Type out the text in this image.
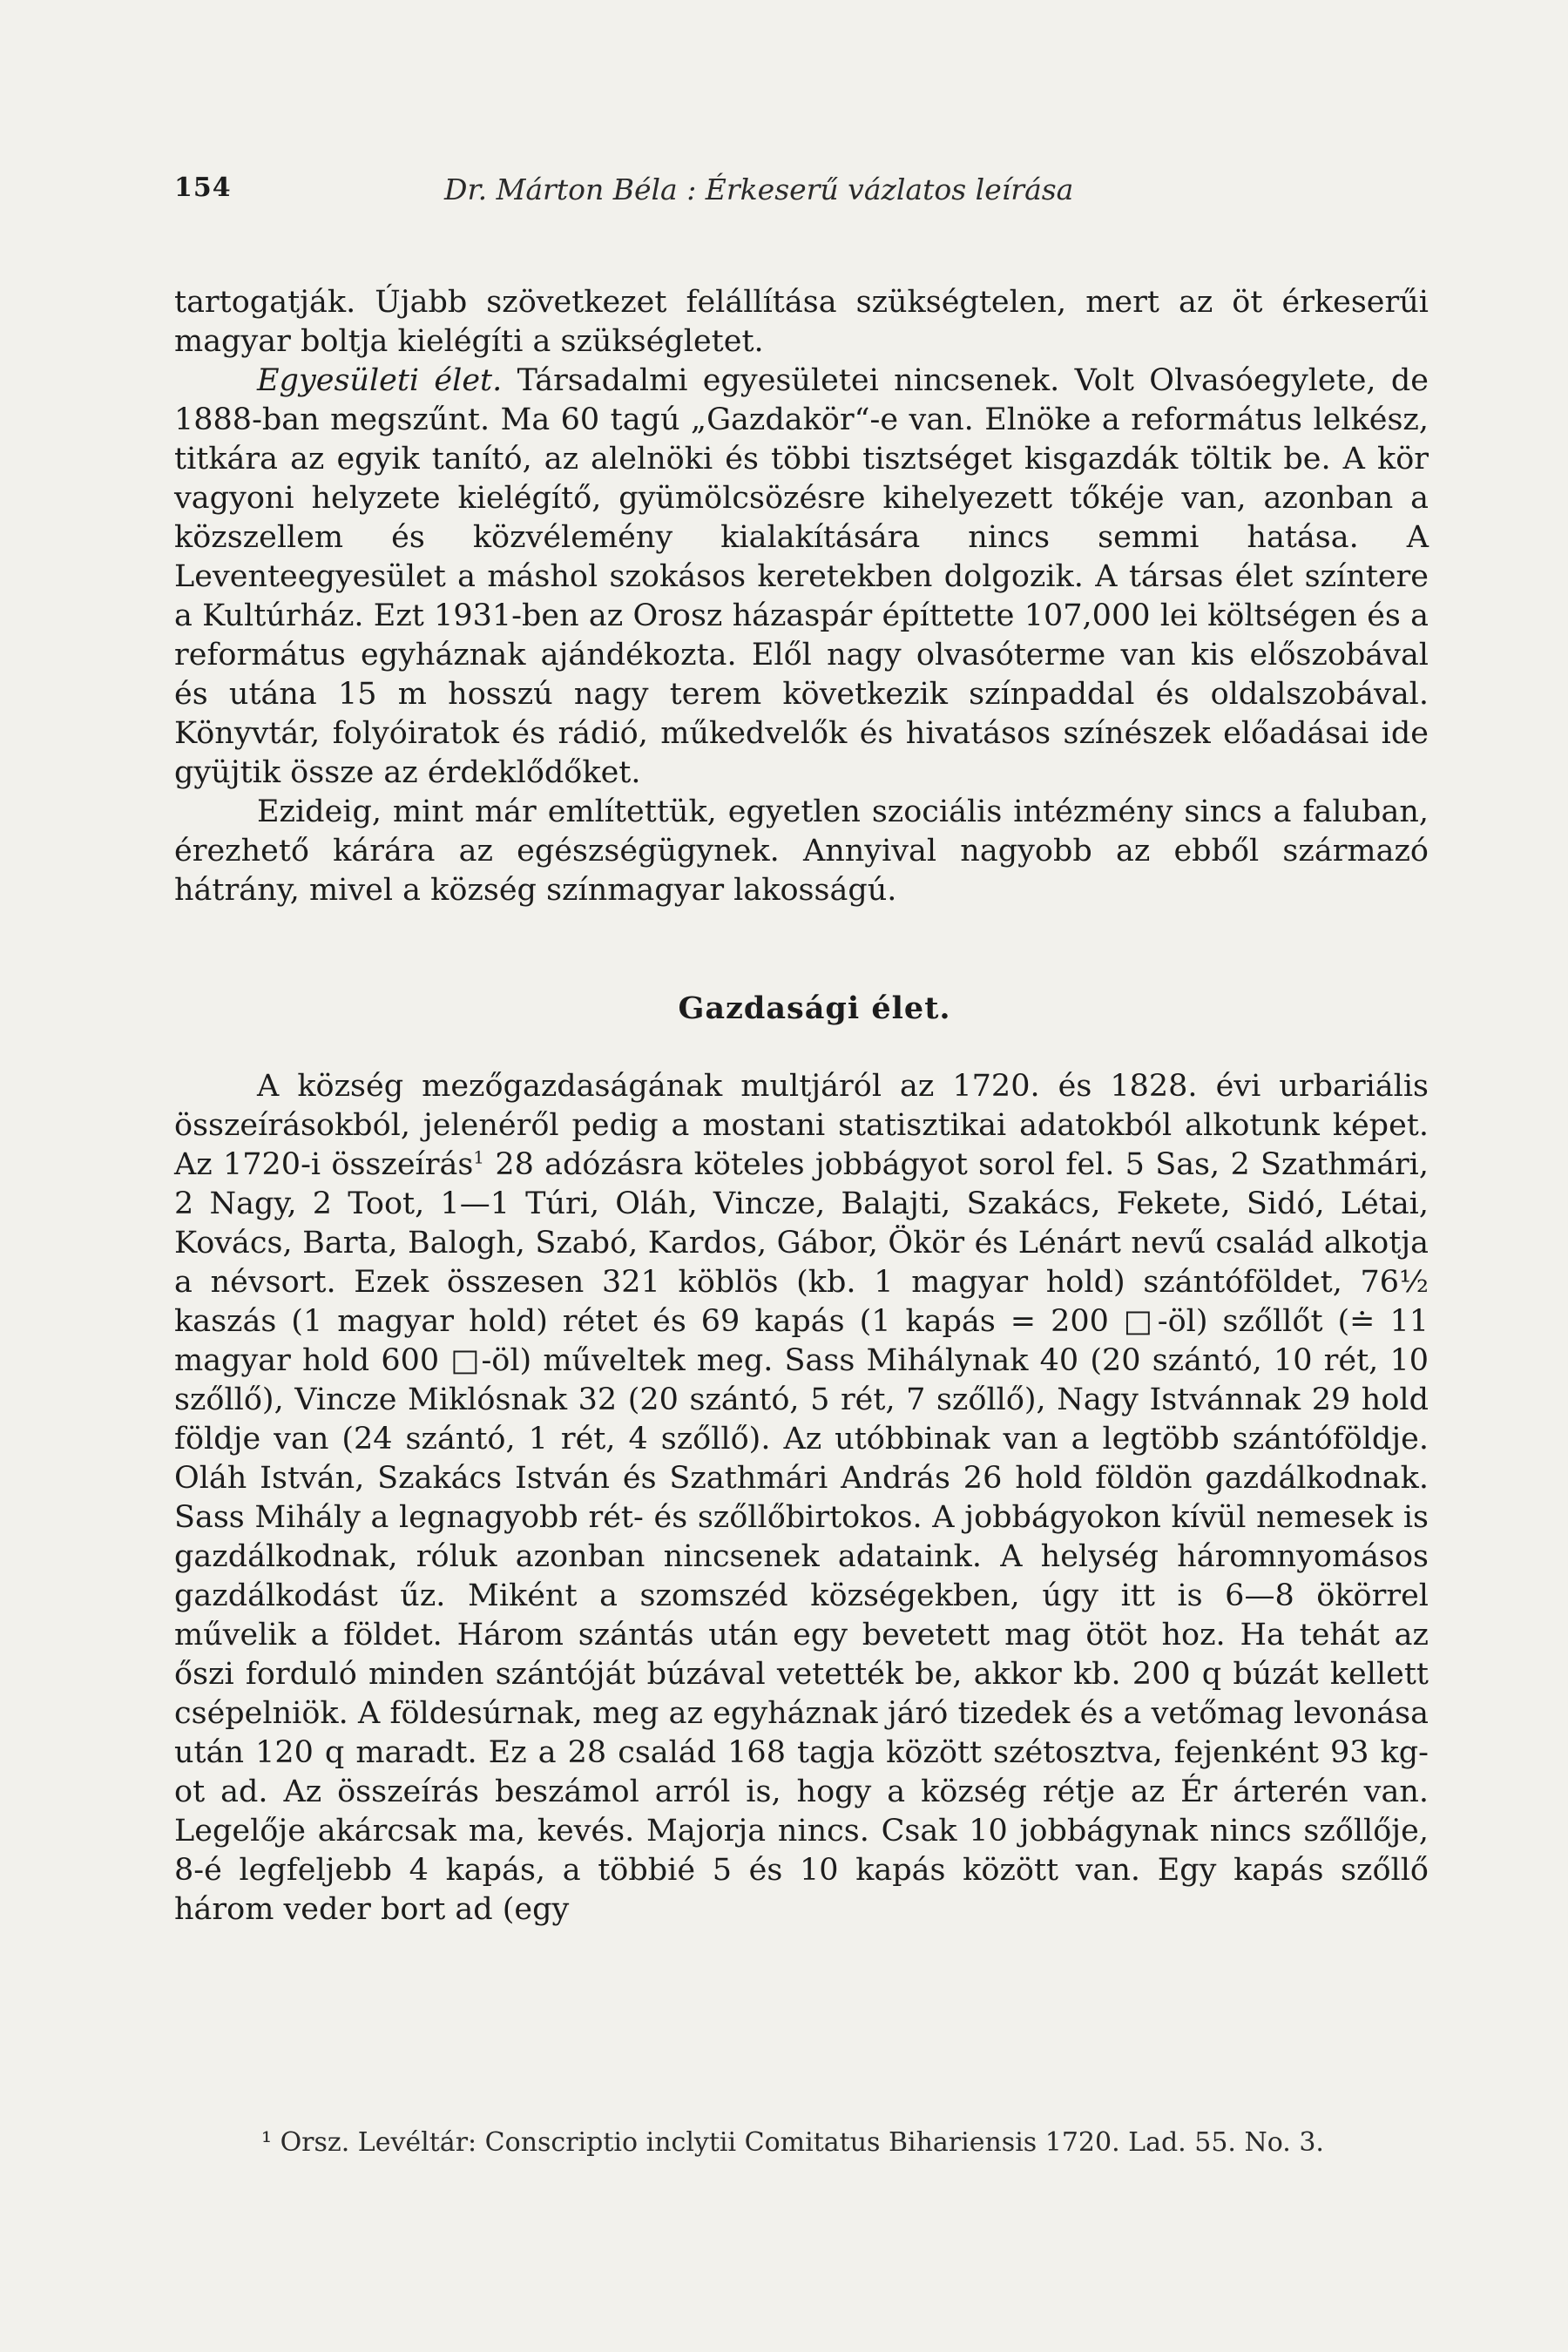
154	Dr. Márton Béla : Érkeserű vázlatos leírása

tartogatják. Újabb szövetkezet felállítása szükségtelen, mert az öt érkeserűi magyar boltja kielégíti a szükségletet.

Egyesületi élet. Társadalmi egyesületei nincsenek. Volt Olvasóegylete, de 1888-ban megszűnt. Ma 60 tagú „Gazdakör“-e van. Elnöke a református lelkész, titkára az egyik tanító, az alelnöki és többi tisztséget kisgazdák töltik be. A kör vagyoni helyzete kielégítő, gyümölcsözésre kihelyezett tőkéje van, azonban a közszellem és közvélemény kialakítására nincs semmi hatása. A Leventeegyesület a máshol szokásos keretekben dolgozik. A társas élet színtere a Kultúrház. Ezt 1931-ben az Orosz házaspár építtette 107,000 lei költségen és a református egyháznak ajándékozta. Elől nagy olvasóterme van kis előszobával és utána 15 m hosszú nagy terem következik színpaddal és oldalszobával. Könyvtár, folyóiratok és rádió, műkedvelők és hivatásos színészek előadásai ide gyüjtik össze az érdeklődőket.

Ezideig, mint már említettük, egyetlen szociális intézmény sincs a faluban, érezhető kárára az egészségügynek. Annyival nagyobb az ebből származó hátrány, mivel a község színmagyar lakosságú.

Gazdasági élet.

A község mezőgazdaságának multjáról az 1720. és 1828. évi urbariális összeírásokból, jelenéről pedig a mostani statisztikai adatokból alkotunk képet. Az 1720-i összeírás$^1$ 28 adózásra köteles jobbágyot sorol fel. 5 Sas, 2 Szathmári, 2 Nagy, 2 Toot, 1—1 Túri, Oláh, Vincze, Balajti, Szakács, Fekete, Sidó, Létai, Kovács, Barta, Balogh, Szabó, Kardos, Gábor, Ökör és Lénárt nevű család alkotja a névsort. Ezek összesen 321 köblös (kb. 1 magyar hold) szántóföldet, 76½ kaszás (1 magyar hold) rétet és 69 kapás (1 kapás = 200 □-öl) szőllőt (≐ 11 magyar hold 600 □-öl) műveltek meg. Sass Mihálynak 40 (20 szántó, 10 rét, 10 szőllő), Vincze Miklósnak 32 (20 szántó, 5 rét, 7 szőllő), Nagy Istvánnak 29 hold földje van (24 szántó, 1 rét, 4 szőllő). Az utóbbinak van a legtöbb szántóföldje. Oláh István, Szakács István és Szathmári András 26 hold földön gazdálkodnak. Sass Mihály a legnagyobb rét- és szőllőbirtokos. A jobbágyokon kívül nemesek is gazdálkodnak, róluk azonban nincsenek adataink. A helység háromnyomásos gazdálkodást űz. Miként a szomszéd községekben, úgy itt is 6—8 ökörrel művelik a földet. Három szántás után egy bevetett mag ötöt hoz. Ha tehát az őszi forduló minden szántóját búzával vetették be, akkor kb. 200 q búzát kellett csépelniök. A földesúrnak, meg az egyháznak járó tizedek és a vetőmag levonása után 120 q maradt. Ez a 28 család 168 tagja között szétosztva, fejenként 93 kg-ot ad. Az összeírás beszámol arról is, hogy a község rétje az Ér árterén van. Legelője akárcsak ma, kevés. Majorja nincs. Csak 10 jobbágynak nincs szőllője, 8-é legfeljebb 4 kapás, a többié 5 és 10 kapás között van. Egy kapás szőllő három veder bort ad (egy

¹ Orsz. Levéltár: Conscriptio inclytii Comitatus Bihariensis 1720. Lad. 55. No. 3.
